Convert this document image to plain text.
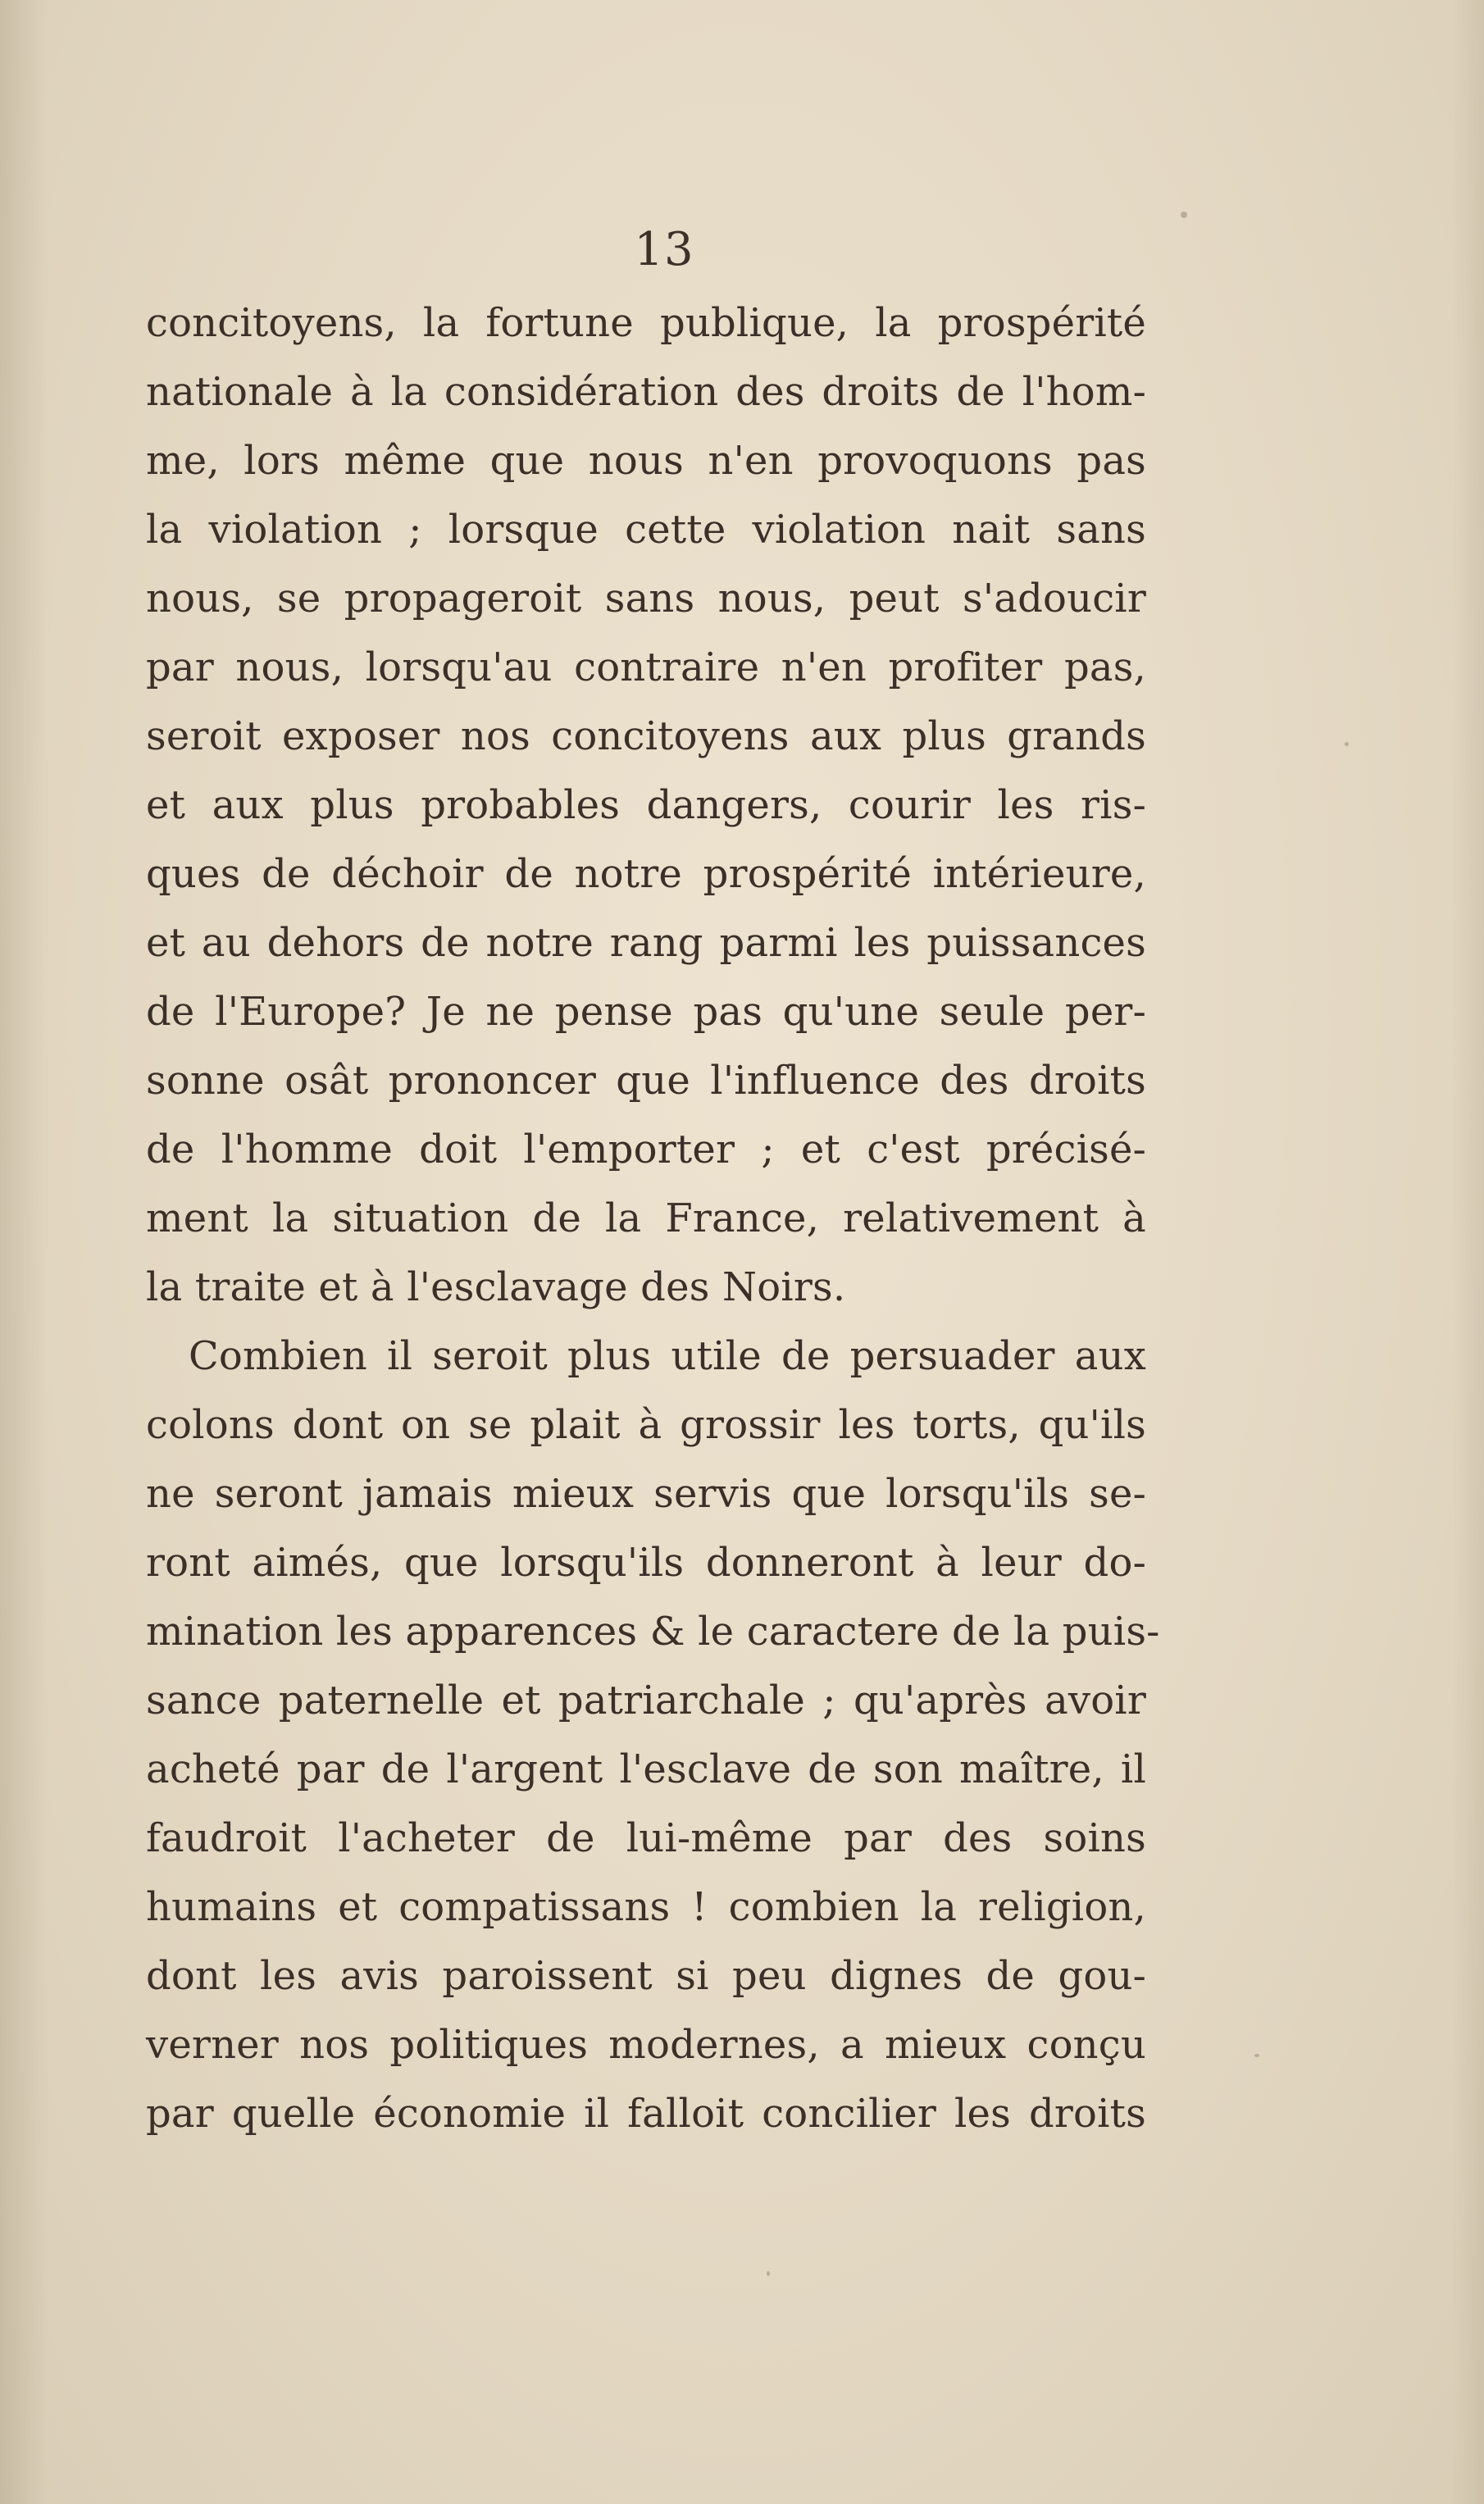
13
concitoyens, la fortune publique, la prospérité
nationale à la considération des droits de l'hom-
me, lors même que nous n'en provoquons pas
la violation ; lorsque cette violation nait sans
nous, se propageroit sans nous, peut s'adoucir
par nous, lorsqu'au contraire n'en profiter pas,
seroit exposer nos concitoyens aux plus grands
et aux plus probables dangers, courir les ris-
ques de déchoir de notre prospérité intérieure,
et au dehors de notre rang parmi les puissances
de l'Europe? Je ne pense pas qu'une seule per-
sonne osât prononcer que l'influence des droits
de l'homme doit l'emporter ; et c'est précisé-
ment la situation de la France, relativement à
la traite et à l'esclavage des Noirs.
Combien il seroit plus utile de persuader aux
colons dont on se plait à grossir les torts, qu'ils
ne seront jamais mieux servis que lorsqu'ils se-
ront aimés, que lorsqu'ils donneront à leur do-
mination les apparences & le caractere de la puis-
sance paternelle et patriarchale ; qu'après avoir
acheté par de l'argent l'esclave de son maître, il
faudroit l'acheter de lui-même par des soins
humains et compatissans ! combien la religion,
dont les avis paroissent si peu dignes de gou-
verner nos politiques modernes, a mieux conçu
par quelle économie il falloit concilier les droits
